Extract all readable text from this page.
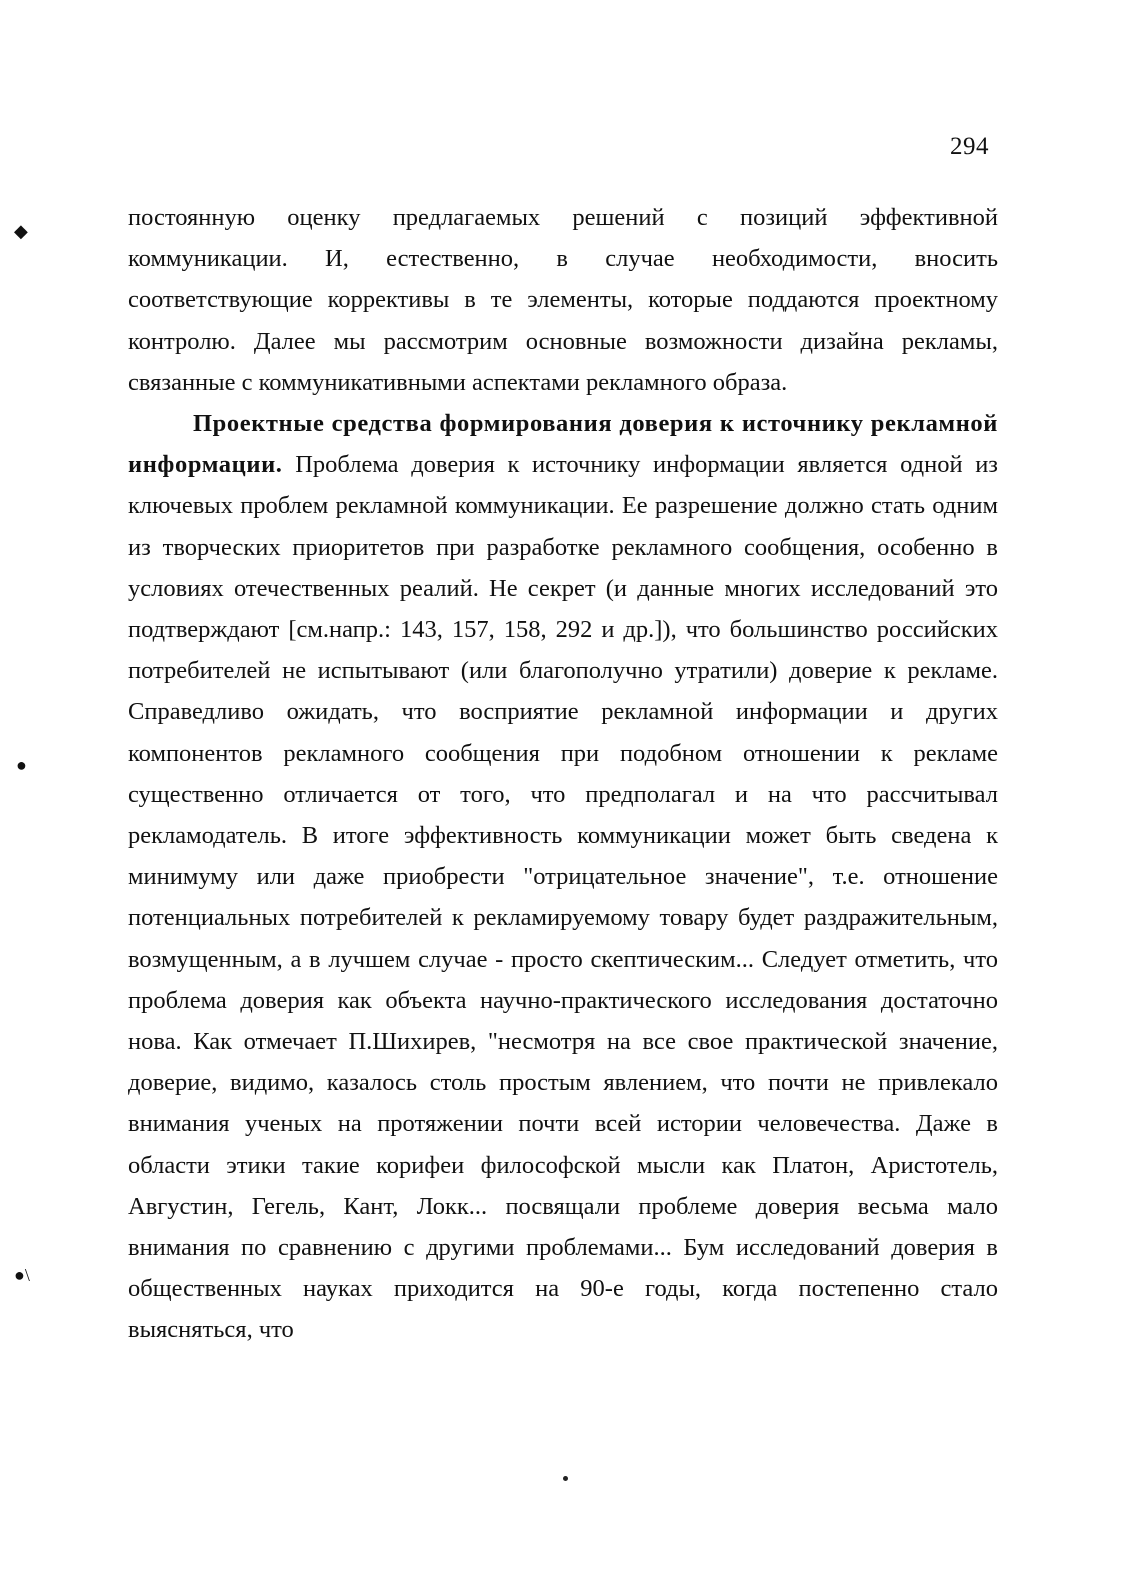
294
◆
●
●\

постоянную оценку предлагаемых решений с позиций эффективной коммуникации. И, естественно, в случае необходимости, вносить соответствующие коррективы в те элементы, которые поддаются проектному контролю. Далее мы рассмотрим основные возможности дизайна рекламы, связанные с коммуникативными аспектами рекламного образа.

Проектные средства формирования доверия к источнику рекламной информации. Проблема доверия к источнику информации является одной из ключевых проблем рекламной коммуникации. Ее разрешение должно стать одним из творческих приоритетов при разработке рекламного сообщения, особенно в условиях отечественных реалий. Не секрет (и данные многих исследований это подтверждают [см.напр.: 143, 157, 158, 292 и др.]), что большинство российских потребителей не испытывают (или благополучно утратили) доверие к рекламе. Справедливо ожидать, что восприятие рекламной информации и других компонентов рекламного сообщения при подобном отношении к рекламе существенно отличается от того, что предполагал и на что рассчитывал рекламодатель. В итоге эффективность коммуникации может быть сведена к минимуму или даже приобрести "отрицательное значение", т.е. отношение потенциальных потребителей к рекламируемому товару будет раздражительным, возмущенным, а в лучшем случае - просто скептическим... Следует отметить, что проблема доверия как объекта научно-практического исследования достаточно нова. Как отмечает П.Шихирев, "несмотря на все свое практической значение, доверие, видимо, казалось столь простым явлением, что почти не привлекало внимания ученых на протяжении почти всей истории человечества. Даже в области этики такие корифеи философской мысли как Платон, Аристотель, Августин, Гегель, Кант, Локк... посвящали проблеме доверия весьма мало внимания по сравнению с другими проблемами... Бум исследований доверия в общественных науках приходится на 90-е годы, когда постепенно стало выясняться, что
